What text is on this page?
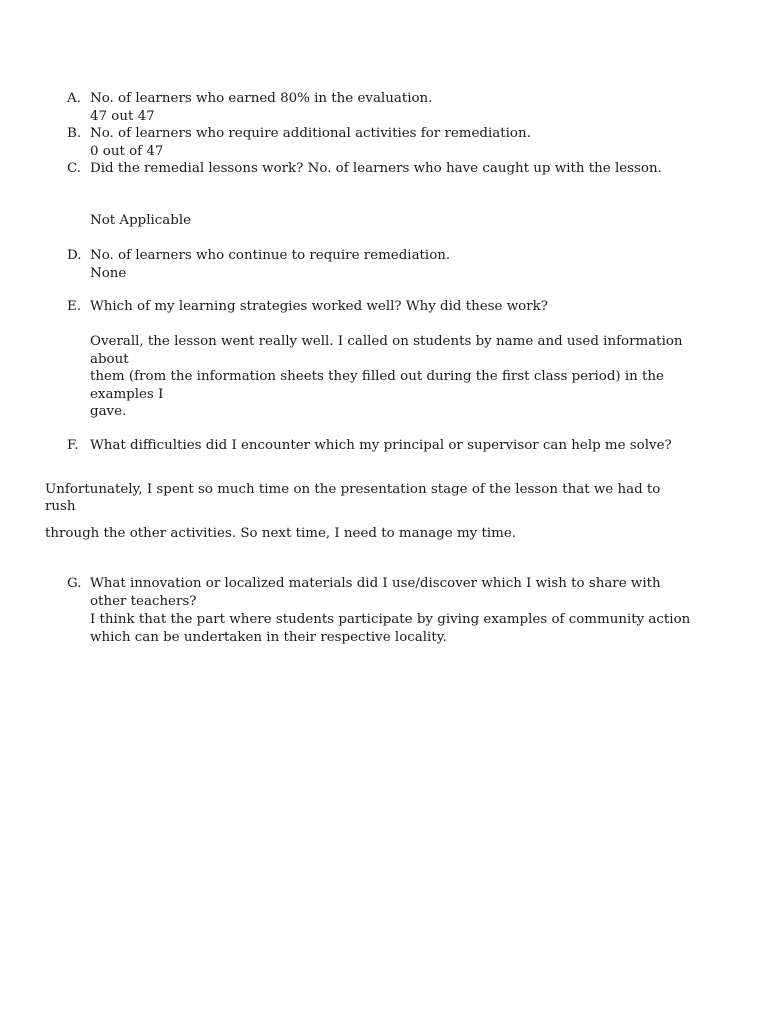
A. No. of learners who earned 80% in the evaluation.
47 out 47
B. No. of learners who require additional activities for remediation.
0 out of 47
C. Did the remedial lessons work? No. of learners who have caught up with the lesson.
Not Applicable
D. No. of learners who continue to require remediation.
None
E. Which of my learning strategies worked well? Why did these work?
Overall, the lesson went really well. I called on students by name and used information
about
them (from the information sheets they filled out during the first class period) in the
examples I
gave.
F. What difficulties did I encounter which my principal or supervisor can help me solve?
Unfortunately, I spent so much time on the presentation stage of the lesson that we had to
rush
through the other activities. So next time, I need to manage my time.
G. What innovation or localized materials did I use/discover which I wish to share with
other teachers?
I think that the part where students participate by giving examples of community action
which can be undertaken in their respective locality.
